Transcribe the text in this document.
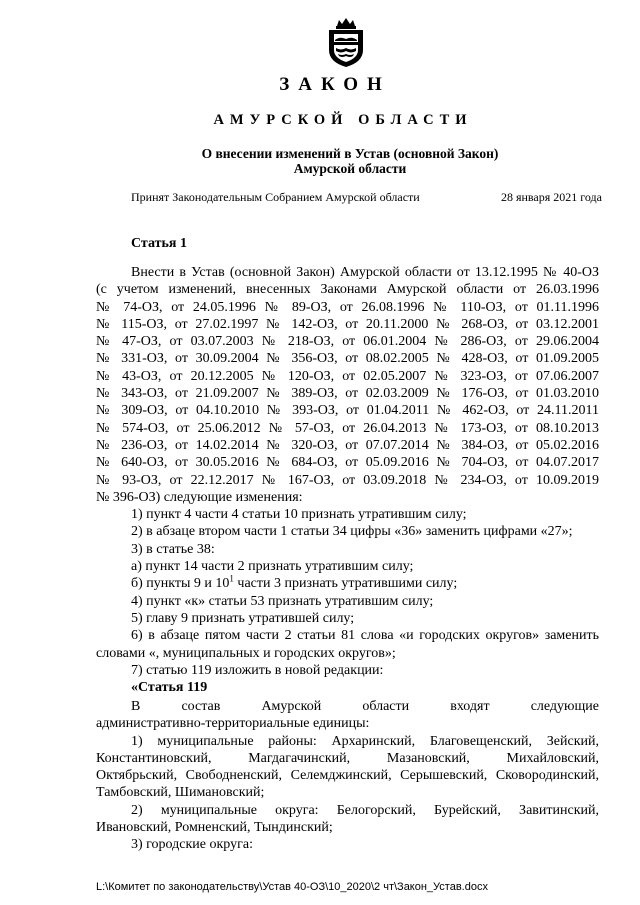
ЗАКОН
АМУРСКОЙ ОБЛАСТИ
О внесении изменений в Устав (основной Закон)
Амурской области
Принят Законодательным Собранием Амурской области	28 января 2021 года
Статья 1
Внести в Устав (основной Закон) Амурской области от 13.12.1995 № 40-ОЗ
(с учетом изменений, внесенных Законами Амурской области от 26.03.1996
№ 74-ОЗ, от 24.05.1996 № 89-ОЗ, от 26.08.1996 № 110-ОЗ, от 01.11.1996
№ 115-ОЗ, от 27.02.1997 № 142-ОЗ, от 20.11.2000 № 268-ОЗ, от 03.12.2001
№ 47-ОЗ, от 03.07.2003 № 218-ОЗ, от 06.01.2004 № 286-ОЗ, от 29.06.2004
№ 331-ОЗ, от 30.09.2004 № 356-ОЗ, от 08.02.2005 № 428-ОЗ, от 01.09.2005
№ 43-ОЗ, от 20.12.2005 № 120-ОЗ, от 02.05.2007 № 323-ОЗ, от 07.06.2007
№ 343-ОЗ, от 21.09.2007 № 389-ОЗ, от 02.03.2009 № 176-ОЗ, от 01.03.2010
№ 309-ОЗ, от 04.10.2010 № 393-ОЗ, от 01.04.2011 № 462-ОЗ, от 24.11.2011
№ 574-ОЗ, от 25.06.2012 № 57-ОЗ, от 26.04.2013 № 173-ОЗ, от 08.10.2013
№ 236-ОЗ, от 14.02.2014 № 320-ОЗ, от 07.07.2014 № 384-ОЗ, от 05.02.2016
№ 640-ОЗ, от 30.05.2016 № 684-ОЗ, от 05.09.2016 № 704-ОЗ, от 04.07.2017
№ 93-ОЗ, от 22.12.2017 № 167-ОЗ, от 03.09.2018 № 234-ОЗ, от 10.09.2019
№ 396-ОЗ) следующие изменения:
1) пункт 4 части 4 статьи 10 признать утратившим силу;
2) в абзаце втором части 1 статьи 34 цифры «36» заменить цифрами «27»;
3) в статье 38:
а) пункт 14 части 2 признать утратившим силу;
б) пункты 9 и $10^1$ части 3 признать утратившими силу;
4) пункт «к» статьи 53 признать утратившим силу;
5) главу 9 признать утратившей силу;
6) в абзаце пятом части 2 статьи 81 слова «и городских округов» заменить
словами «, муниципальных и городских округов»;
7) статью 119 изложить в новой редакции:
«Статья 119
В состав Амурской области входят следующие
административно-территориальные единицы:
1) муниципальные районы: Архаринский, Благовещенский, Зейский,
Константиновский, Магдагачинский, Мазановский, Михайловский,
Октябрьский, Свободненский, Селемджинский, Серышевский, Сковородинский,
Тамбовский, Шимановский;
2) муниципальные округа: Белогорский, Бурейский, Завитинский,
Ивановский, Ромненский, Тындинский;
3) городские округа:
L:\Комитет по законодательству\Устав 40-ОЗ\10_2020\2 чт\Закон_Устав.docx
